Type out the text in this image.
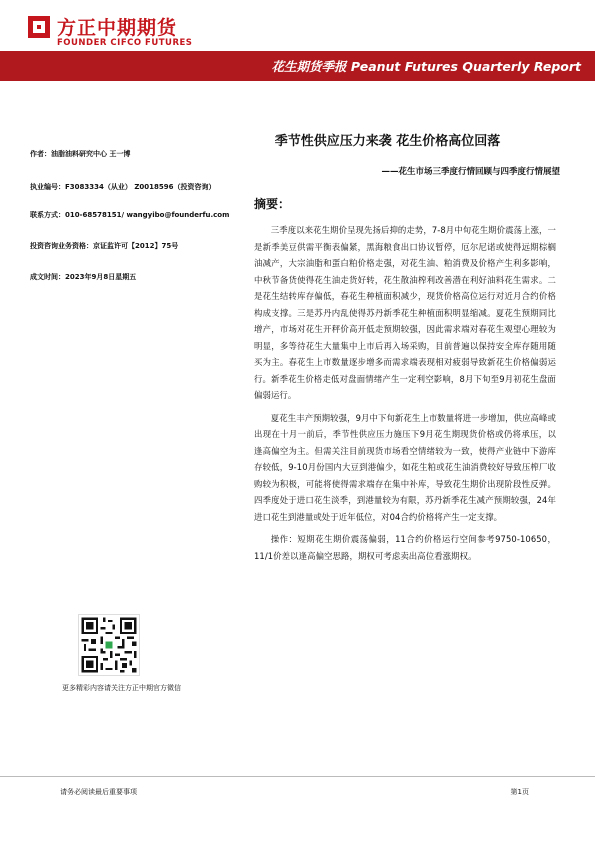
方正中期期货
FOUNDER CIFCO FUTURES
花生期货季报 Peanut Futures Quarterly Report
季节性供应压力来袭 花生价格高位回落
——花生市场三季度行情回顾与四季度行情展望
作者：油脂油料研究中心 王一博
执业编号：F3083334（从业） Z0018596（投资咨询）
联系方式：010-68578151/ wangyibo@founderfu.com
投资咨询业务资格：京证监许可【2012】75号
成文时间：2023年9月8日星期五
摘要：

三季度以来花生期价呈现先扬后抑的走势，7-8月中旬花生期价震荡上涨，一是新季美豆供需平衡表偏紧，黑海粮食出口协议暂停，厄尔尼诺或使得远期棕榈油减产，大宗油脂和蛋白粕价格走强，对花生油、粕消费及价格产生利多影响，中秋节备货使得花生油走货好转，花生散油榨利改善潜在利好油料花生需求。二是花生结转库存偏低，春花生种植面积减少，现货价格高位运行对近月合约价格构成支撑。三是苏丹内乱使得苏丹新季花生种植面积明显缩减。夏花生预期同比增产，市场对花生开秤价高开低走预期较强，因此需求端对春花生观望心理较为明显，多等待花生大量集中上市后再入场采购，目前普遍以保持安全库存随用随买为主。春花生上市数量逐步增多而需求端表现相对疲弱导致新花生价格偏弱运行。新季花生价格走低对盘面情绪产生一定利空影响，8月下旬至9月初花生盘面偏弱运行。

夏花生丰产预期较强，9月中下旬新花生上市数量将进一步增加，供应高峰或出现在十月一前后，季节性供应压力施压下9月花生期现货价格或仍将承压，以逢高偏空为主。但需关注目前现货市场看空情绪较为一致，使得产业链中下游库存较低，9-10月份国内大豆到港偏少，如花生粕或花生油消费较好导致压榨厂收购较为积极，可能将使得需求端存在集中补库，导致花生期价出现阶段性反弹。四季度处于进口花生淡季，到港量较为有限，苏丹新季花生减产预期较强，24年进口花生到港量或处于近年低位，对04合约价格将产生一定支撑。

操作：短期花生期价震荡偏弱，11合约价格运行空间参考9750-10650，11/1价差以逢高偏空思路，期权可考虑卖出高位看涨期权。

更多精彩内容请关注方正中期官方微信
请务必阅读最后重要事项	第1页
